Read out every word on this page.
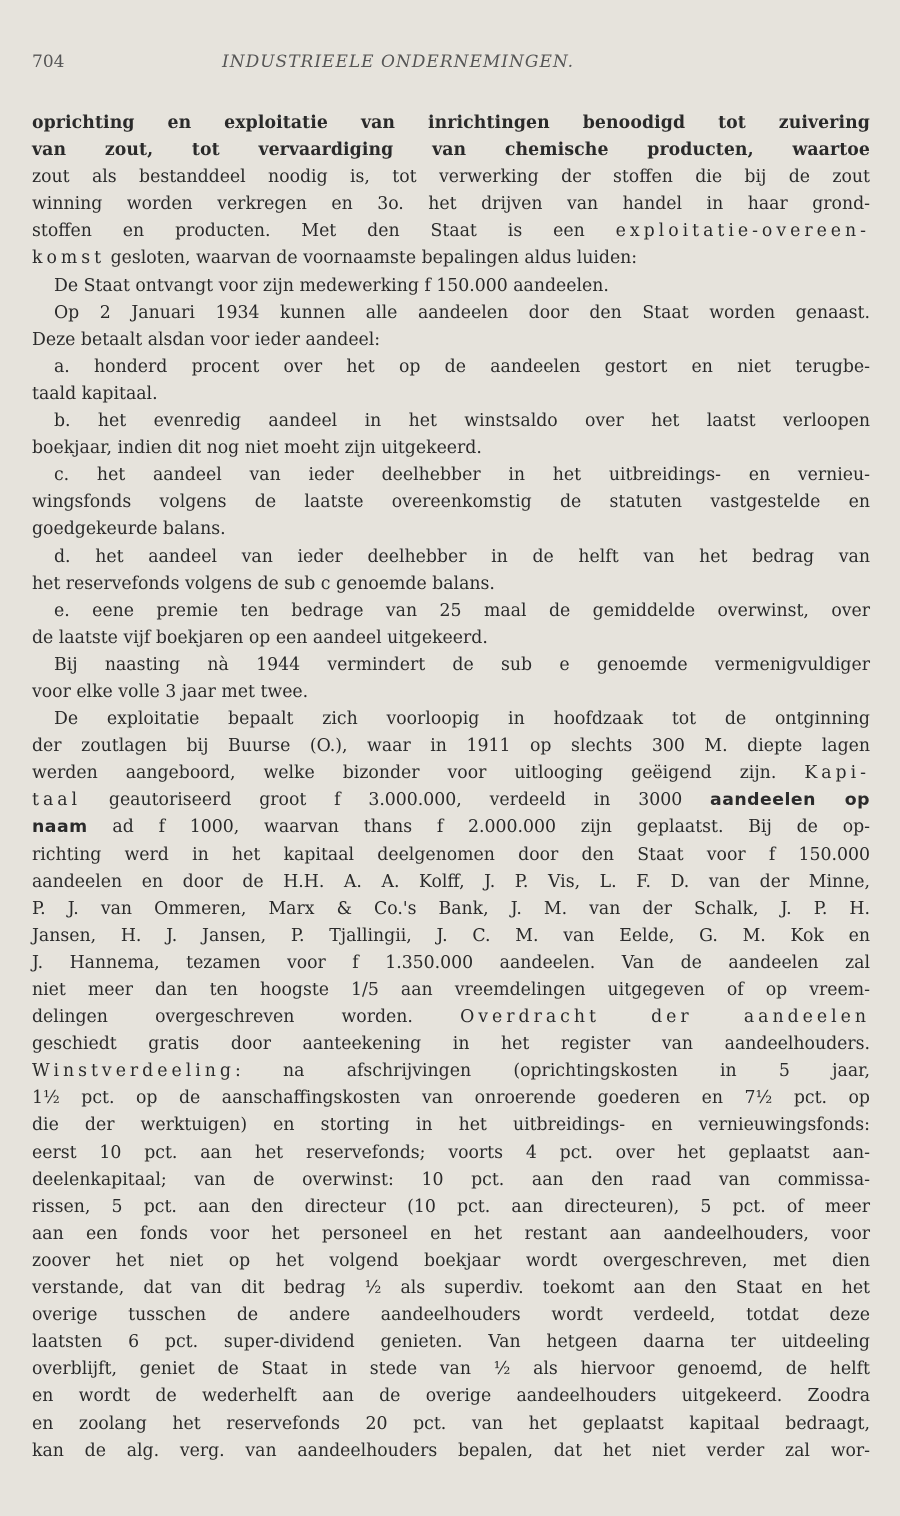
704	INDUSTRIEELE ONDERNEMINGEN.
oprichting en exploitatie van inrichtingen benoodigd tot zuivering
van zout, tot vervaardiging van chemische producten, waartoe
zout als bestanddeel noodig is, tot verwerking der stoffen die bij de zout
winning worden verkregen en 3o. het drijven van handel in haar grond-
stoffen en producten. Met den Staat is een exploitatie-overeen-
komst gesloten, waarvan de voornaamste bepalingen aldus luiden:
De Staat ontvangt voor zijn medewerking f 150.000 aandeelen.
Op 2 Januari 1934 kunnen alle aandeelen door den Staat worden genaast.
Deze betaalt alsdan voor ieder aandeel:
a. honderd procent over het op de aandeelen gestort en niet terugbe-
taald kapitaal.
b. het evenredig aandeel in het winstsaldo over het laatst verloopen
boekjaar, indien dit nog niet moeht zijn uitgekeerd.
c. het aandeel van ieder deelhebber in het uitbreidings- en vernieu-
wingsfonds volgens de laatste overeenkomstig de statuten vastgestelde en
goedgekeurde balans.
d. het aandeel van ieder deelhebber in de helft van het bedrag van
het reservefonds volgens de sub c genoemde balans.
e. eene premie ten bedrage van 25 maal de gemiddelde overwinst, over
de laatste vijf boekjaren op een aandeel uitgekeerd.
Bij naasting nà 1944 vermindert de sub e genoemde vermenigvuldiger
voor elke volle 3 jaar met twee.
De exploitatie bepaalt zich voorloopig in hoofdzaak tot de ontginning
der zoutlagen bij Buurse (O.), waar in 1911 op slechts 300 M. diepte lagen
werden aangeboord, welke bizonder voor uitlooging geëigend zijn. Kapi-
taal geautoriseerd groot f 3.000.000, verdeeld in 3000 aandeelen op
naam ad f 1000, waarvan thans f 2.000.000 zijn geplaatst. Bij de op-
richting werd in het kapitaal deelgenomen door den Staat voor f 150.000
aandeelen en door de H.H. A. A. Kolff, J. P. Vis, L. F. D. van der Minne,
P. J. van Ommeren, Marx & Co.'s Bank, J. M. van der Schalk, J. P. H.
Jansen, H. J. Jansen, P. Tjallingii, J. C. M. van Eelde, G. M. Kok en
J. Hannema, tezamen voor f 1.350.000 aandeelen. Van de aandeelen zal
niet meer dan ten hoogste 1/5 aan vreemdelingen uitgegeven of op vreem-
delingen overgeschreven worden. Overdracht der aandeelen
geschiedt gratis door aanteekening in het register van aandeelhouders.
Winstverdeeling: na afschrijvingen (oprichtingskosten in 5 jaar,
1½ pct. op de aanschaffingskosten van onroerende goederen en 7½ pct. op
die der werktuigen) en storting in het uitbreidings- en vernieuwingsfonds:
eerst 10 pct. aan het reservefonds; voorts 4 pct. over het geplaatst aan-
deelenkapitaal; van de overwinst: 10 pct. aan den raad van commissa-
rissen, 5 pct. aan den directeur (10 pct. aan directeuren), 5 pct. of meer
aan een fonds voor het personeel en het restant aan aandeelhouders, voor
zoover het niet op het volgend boekjaar wordt overgeschreven, met dien
verstande, dat van dit bedrag ½ als superdiv. toekomt aan den Staat en het
overige tusschen de andere aandeelhouders wordt verdeeld, totdat deze
laatsten 6 pct. super-dividend genieten. Van hetgeen daarna ter uitdeeling
overblijft, geniet de Staat in stede van ½ als hiervoor genoemd, de helft
en wordt de wederhelft aan de overige aandeelhouders uitgekeerd. Zoodra
en zoolang het reservefonds 20 pct. van het geplaatst kapitaal bedraagt,
kan de alg. verg. van aandeelhouders bepalen, dat het niet verder zal wor-
